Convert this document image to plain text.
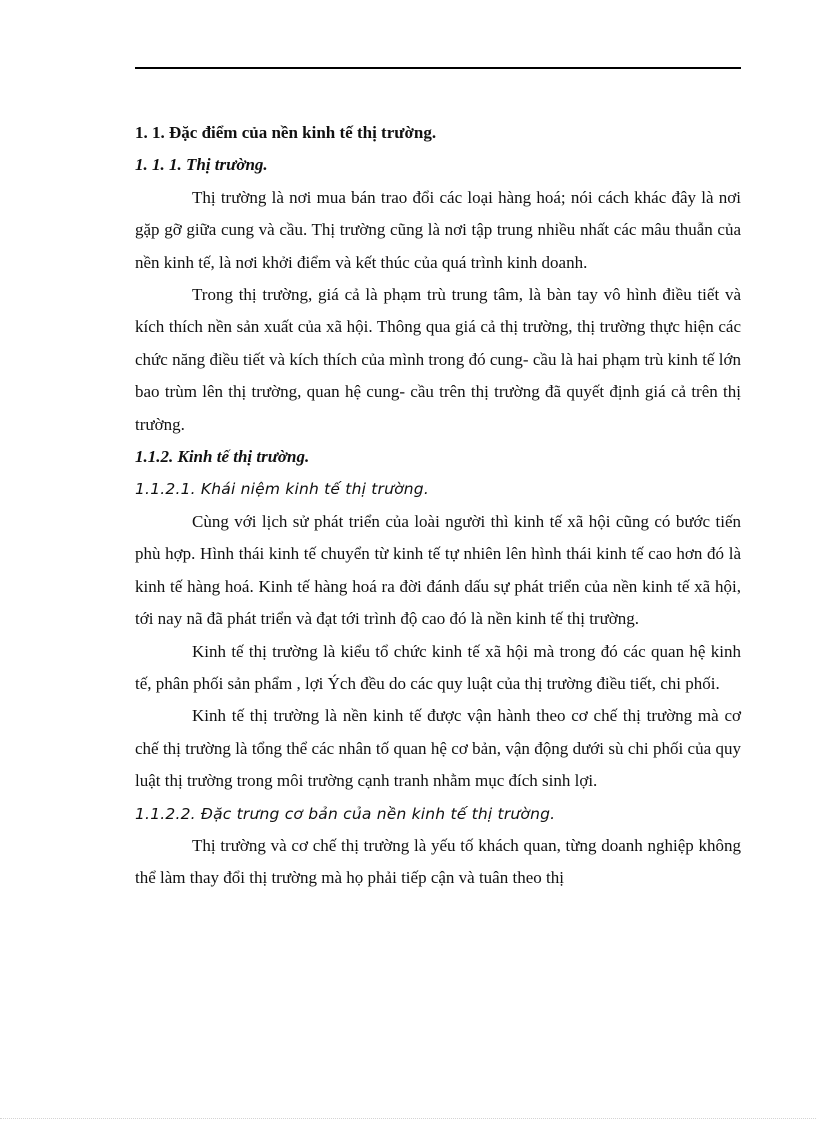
1. 1. Đặc điểm của nền kinh tế thị trường.

1. 1. 1. Thị trường.

Thị trường là nơi mua bán trao đổi các loại hàng hoá; nói cách khác đây là nơi gặp gỡ giữa cung và cầu. Thị trường cũng là nơi tập trung nhiều nhất các mâu thuẫn của nền kinh tế, là nơi khởi điểm và kết thúc của quá trình kinh doanh.

Trong thị trường, giá cả là phạm trù trung tâm, là bàn tay vô hình điều tiết và kích thích nền sản xuất của xã hội. Thông qua giá cả thị trường, thị trường thực hiện các chức năng điều tiết và kích thích của mình trong đó cung- cầu là hai phạm trù kinh tế lớn bao trùm lên thị trường, quan hệ cung- cầu trên thị trường đã quyết định giá cả trên thị trường.

1.1.2. Kinh tế thị trường.

1.1.2.1. Khái niệm kinh tế thị trường.

Cùng với lịch sử phát triển của loài người thì kinh tế xã hội cũng có bước tiến phù hợp. Hình thái kinh tế chuyển từ kinh tế tự nhiên lên hình thái kinh tế cao hơn đó là kinh tế hàng hoá. Kinh tế hàng hoá ra đời đánh dấu sự phát triển của nền kinh tế xã hội, tới nay nã đã phát triển và đạt tới trình độ cao đó là nền kinh tế thị trường.

Kinh tế thị trường là kiểu tổ chức kinh tế xã hội mà trong đó các quan hệ kinh tế, phân phối sản phẩm , lợi Ých đều do các quy luật của thị trường điều tiết, chi phối.

Kinh tế thị trường là nền kinh tế được vận hành theo cơ chế thị trường mà cơ chế thị trường là tổng thể các nhân tố quan hệ cơ bản, vận động dưới sù chi phối của quy luật thị trường trong môi trường cạnh tranh nhằm mục đích sinh lợi.

1.1.2.2. Đặc trưng cơ bản của nền kinh tế thị trường.

Thị trường và cơ chế thị trường là yếu tố khách quan, từng doanh nghiệp không thể làm thay đổi thị trường mà họ phải tiếp cận và tuân theo thị
